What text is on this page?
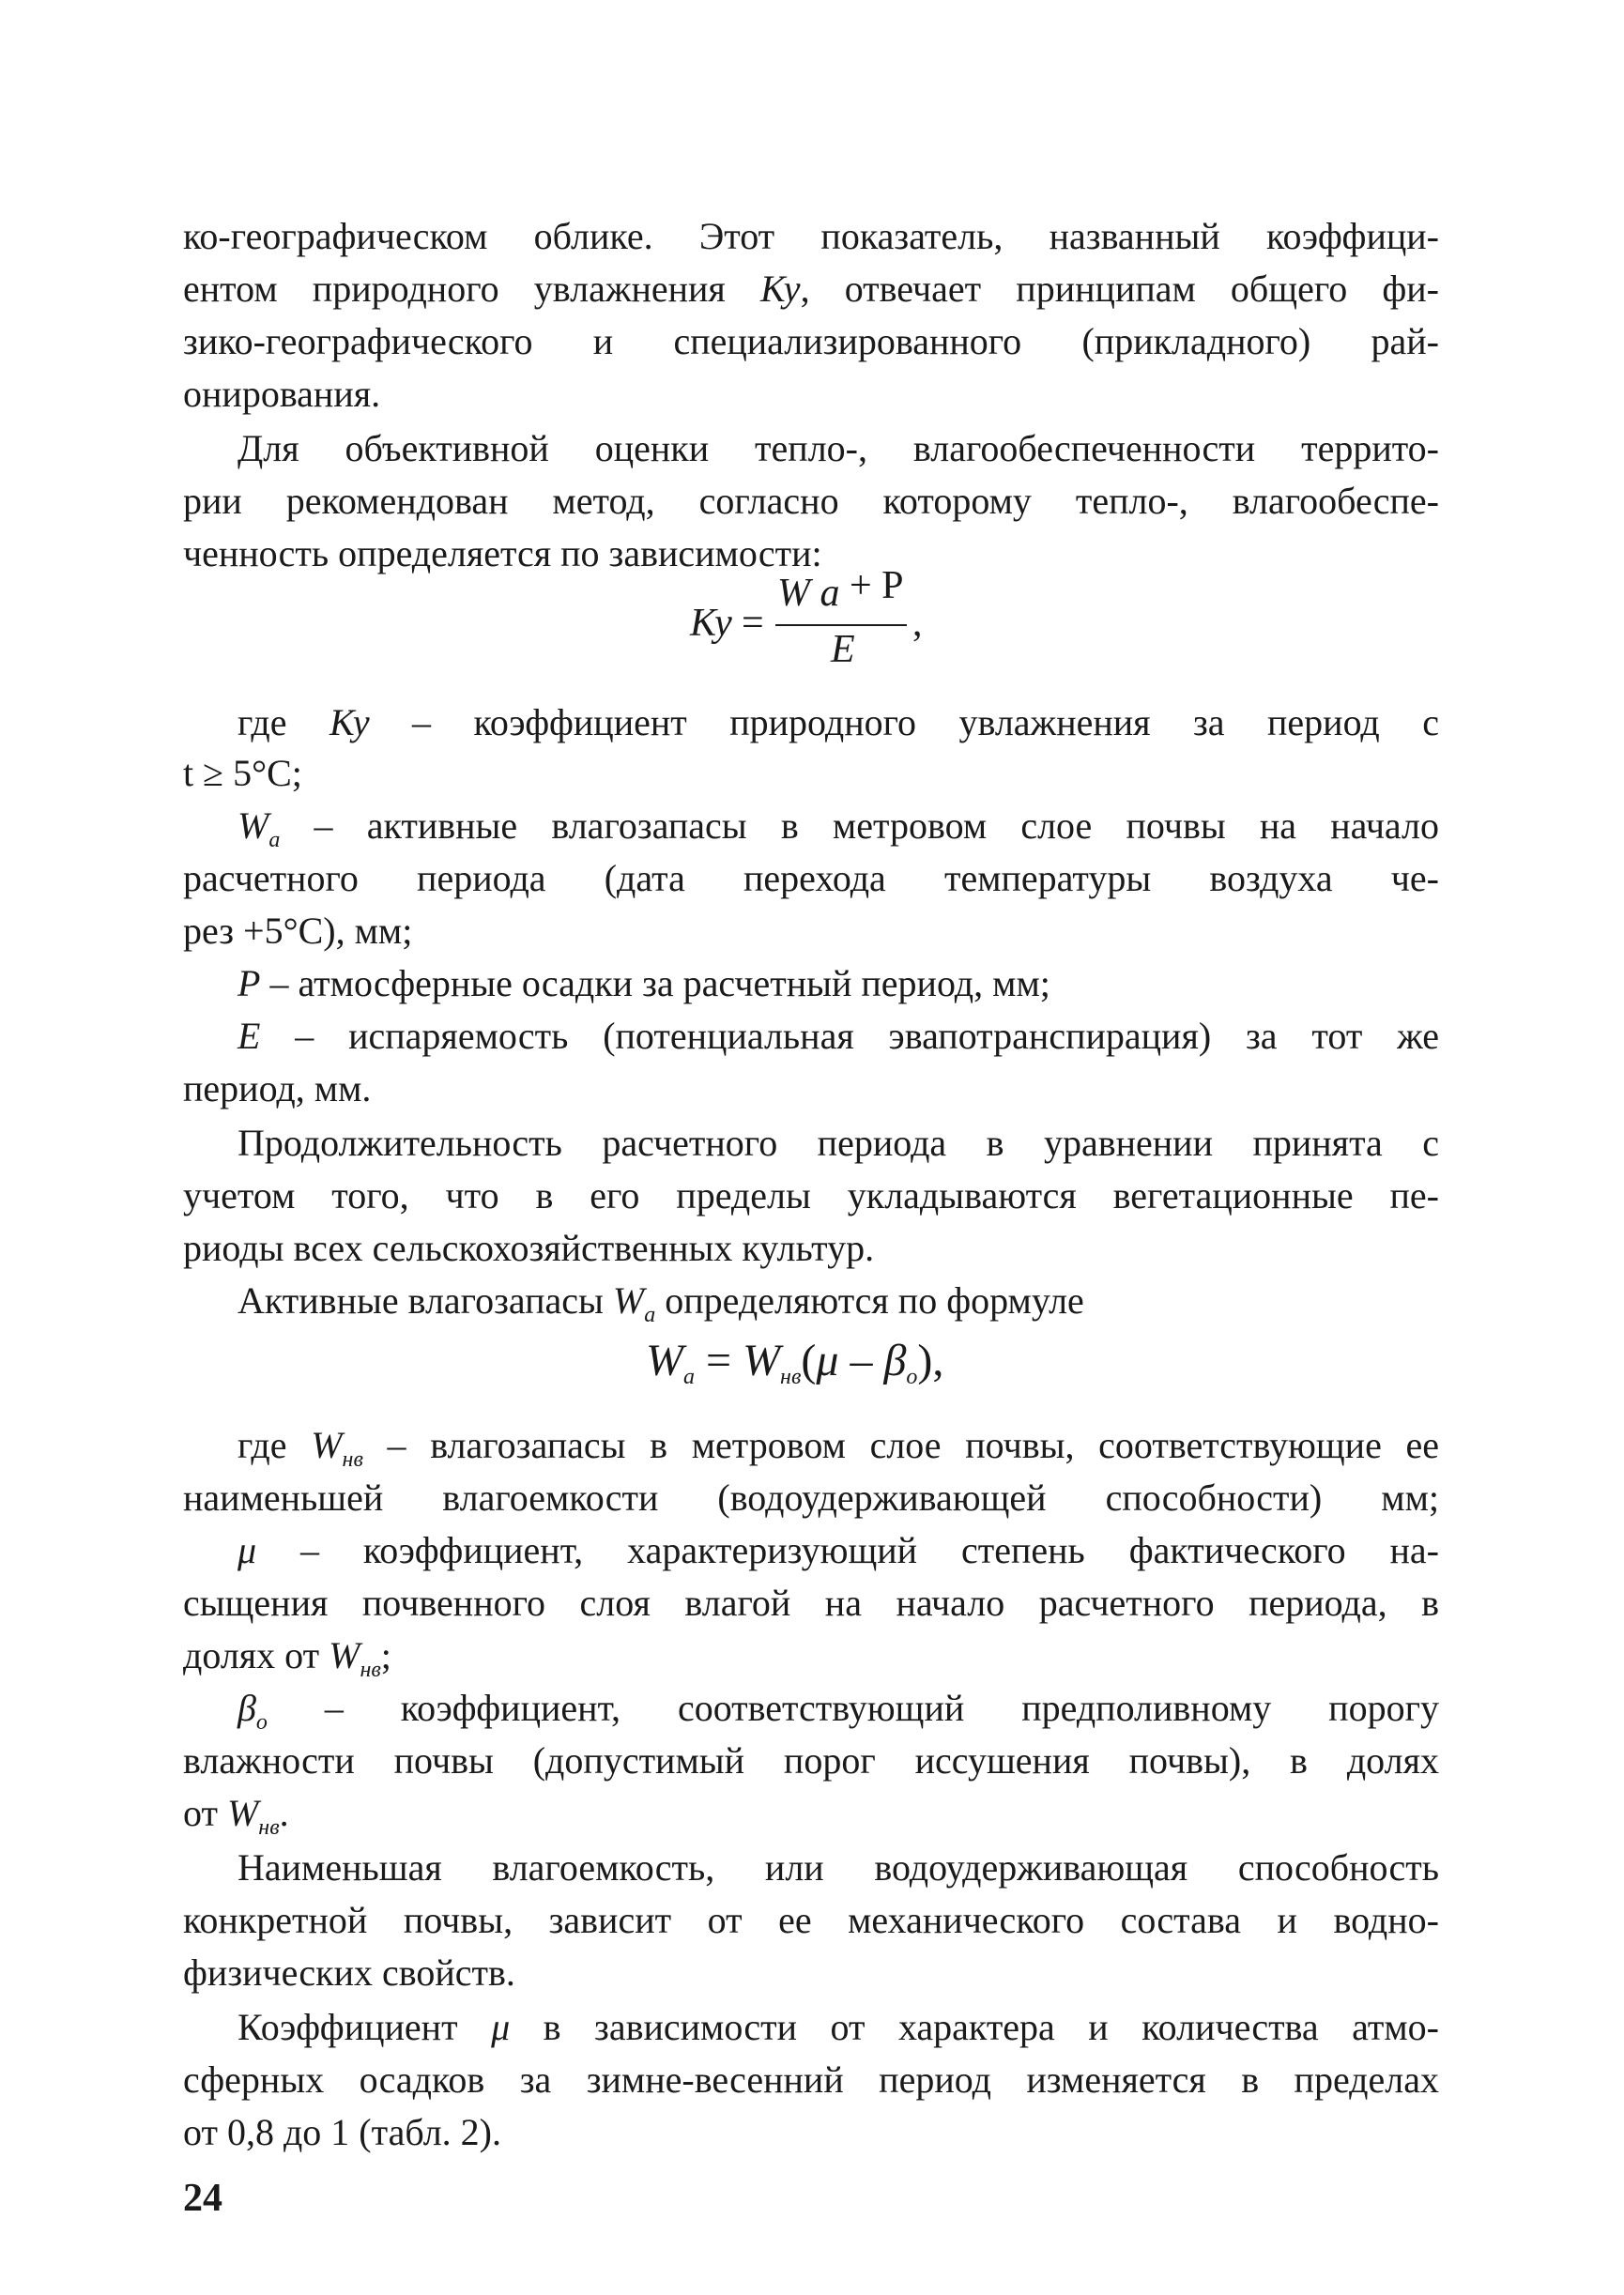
ко-географическом облике. Этот показатель, названный коэффици-
ентом природного увлажнения Ку, отвечает принципам общего фи-
зико-географического и специализированного (прикладного) рай-
онирования.
Для объективной оценки тепло-, влагообеспеченности террито-
рии рекомендован метод, согласно которому тепло-, влагообеспе-
ченность определяется по зависимости:
Ку =
W a + P
E
,
где Ку – коэффициент природного увлажнения за период с
t ≥ 5°С;
$W_a$ – активные влагозапасы в метровом слое почвы на начало
расчетного периода (дата перехода температуры воздуха че-
рез +5°С), мм;
P – атмосферные осадки за расчетный период, мм;
E – испаряемость (потенциальная эвапотранспирация) за тот же
период, мм.
Продолжительность расчетного периода в уравнении принята с
учетом того, что в его пределы укладываются вегетационные пе-
риоды всех сельскохозяйственных культур.
Активные влагозапасы $W_a$ определяются по формуле
$W_a = W_{нв}(\mu - \beta_о)$,
где $W_{нв}$ – влагозапасы в метровом слое почвы, соответствующие ее
наименьшей влагоемкости (водоудерживающей способности) мм;
μ – коэффициент, характеризующий степень фактического на-
сыщения почвенного слоя влагой на начало расчетного периода, в
долях от $W_{нв}$;
$\beta_о$ – коэффициент, соответствующий предполивному порогу
влажности почвы (допустимый порог иссушения почвы), в долях
от $W_{нв}$.
Наименьшая влагоемкость, или водоудерживающая способность
конкретной почвы, зависит от ее механического состава и водно-
физических свойств.
Коэффициент μ в зависимости от характера и количества атмо-
сферных осадков за зимне-весенний период изменяется в пределах
от 0,8 до 1 (табл. 2).
24
